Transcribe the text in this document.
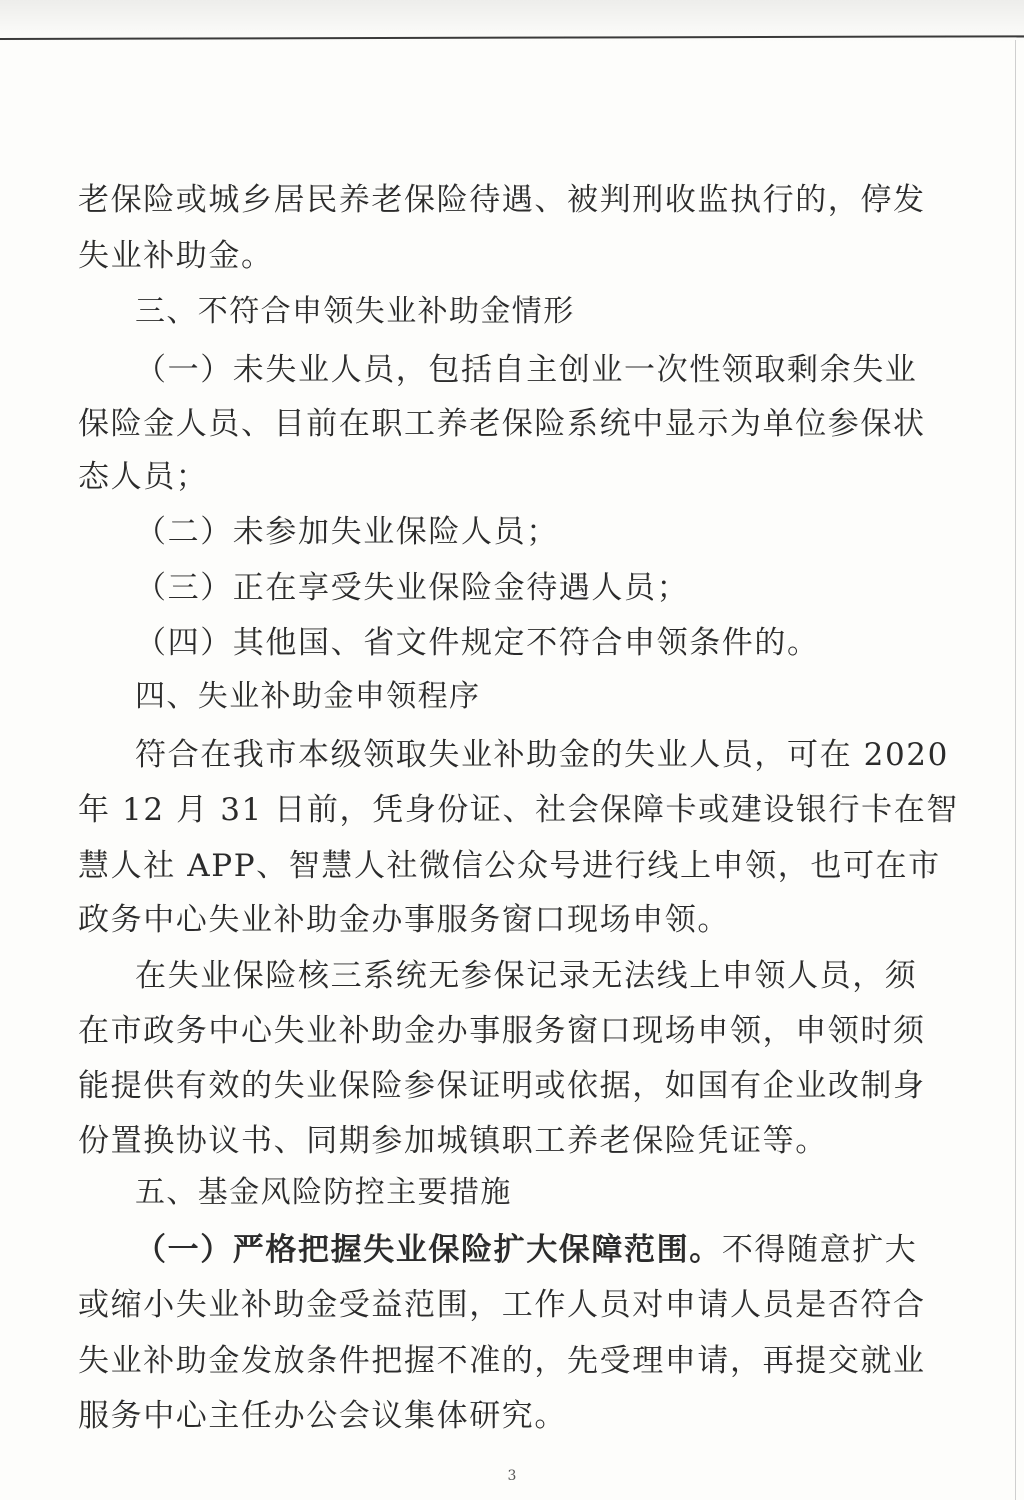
老保险或城乡居民养老保险待遇、被判刑收监执行的，停发
失业补助金。
三、不符合申领失业补助金情形
（一）未失业人员，包括自主创业一次性领取剩余失业
保险金人员、目前在职工养老保险系统中显示为单位参保状
态人员；
（二）未参加失业保险人员；
（三）正在享受失业保险金待遇人员；
（四）其他国、省文件规定不符合申领条件的。
四、失业补助金申领程序
符合在我市本级领取失业补助金的失业人员，可在 2020
年 12 月 31 日前，凭身份证、社会保障卡或建设银行卡在智
慧人社 APP、智慧人社微信公众号进行线上申领，也可在市
政务中心失业补助金办事服务窗口现场申领。
在失业保险核三系统无参保记录无法线上申领人员，须
在市政务中心失业补助金办事服务窗口现场申领，申领时须
能提供有效的失业保险参保证明或依据，如国有企业改制身
份置换协议书、同期参加城镇职工养老保险凭证等。
五、基金风险防控主要措施
（一）严格把握失业保险扩大保障范围。不得随意扩大
或缩小失业补助金受益范围，工作人员对申请人员是否符合
失业补助金发放条件把握不准的，先受理申请，再提交就业
服务中心主任办公会议集体研究。
3
